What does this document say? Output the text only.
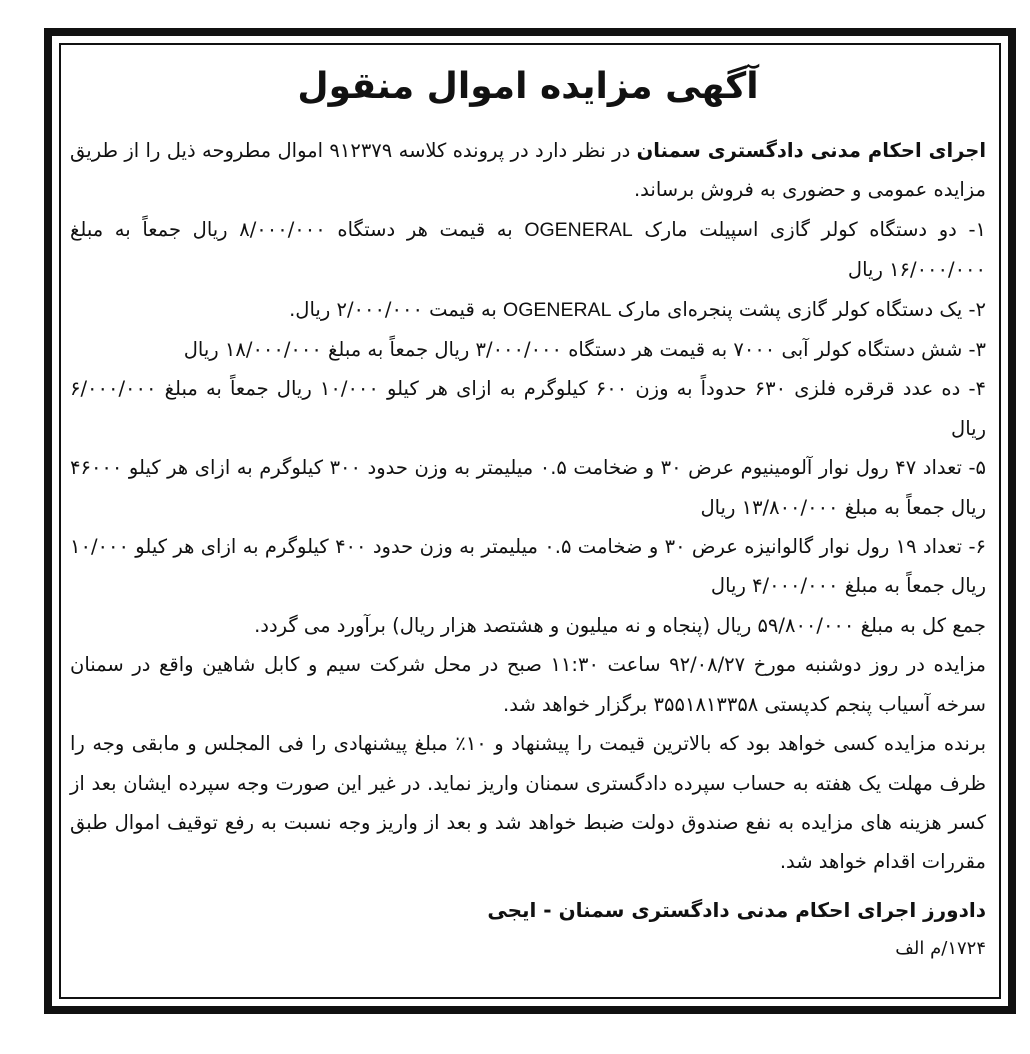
آگهی مزایده اموال منقول

اجرای احکام مدنی دادگستری سمنان در نظر دارد در پرونده کلاسه ۹۱۲۳۷۹ اموال مطروحه ذیل را از طریق مزایده عمومی و حضوری به فروش برساند.

۱- دو دستگاه کولر گازی اسپیلت مارک OGENERAL به قیمت هر دستگاه ۸/۰۰۰/۰۰۰ ریال جمعاً به مبلغ ۱۶/۰۰۰/۰۰۰ ریال

۲- یک دستگاه کولر گازی پشت پنجره‌ای مارک OGENERAL به قیمت ۲/۰۰۰/۰۰۰ ریال.

۳- شش دستگاه کولر آبی ۷۰۰۰ به قیمت هر دستگاه ۳/۰۰۰/۰۰۰ ریال جمعاً به مبلغ ۱۸/۰۰۰/۰۰۰ ریال

۴- ده عدد قرقره فلزی ۶۳۰ حدوداً به وزن ۶۰۰ کیلوگرم به ازای هر کیلو ۱۰/۰۰۰ ریال جمعاً به مبلغ ۶/۰۰۰/۰۰۰ ریال

۵- تعداد ۴۷ رول نوار آلومینیوم عرض ۳۰ و ضخامت ۰.۵ میلیمتر به وزن حدود ۳۰۰ کیلوگرم به ازای هر کیلو ۴۶۰۰۰ ریال جمعاً به مبلغ ۱۳/۸۰۰/۰۰۰ ریال

۶- تعداد ۱۹ رول نوار گالوانیزه عرض ۳۰ و ضخامت ۰.۵ میلیمتر به وزن حدود ۴۰۰ کیلوگرم به ازای هر کیلو ۱۰/۰۰۰ ریال جمعاً به مبلغ ۴/۰۰۰/۰۰۰ ریال

جمع کل به مبلغ ۵۹/۸۰۰/۰۰۰ ریال (پنجاه و نه میلیون و هشتصد هزار ریال) برآورد می گردد.

مزایده در روز دوشنبه مورخ ۹۲/۰۸/۲۷ ساعت ۱۱:۳۰ صبح در محل شرکت سیم و کابل شاهین واقع در سمنان سرخه آسیاب پنجم کدپستی ۳۵۵۱۸۱۳۳۵۸ برگزار خواهد شد.

برنده مزایده کسی خواهد بود که بالاترین قیمت را پیشنهاد و ۱۰٪ مبلغ پیشنهادی را فی المجلس و مابقی وجه را ظرف مهلت یک هفته به حساب سپرده دادگستری سمنان واریز نماید. در غیر این صورت وجه سپرده ایشان بعد از کسر هزینه های مزایده به نفع صندوق دولت ضبط خواهد شد و بعد از واریز وجه نسبت به رفع توقیف اموال طبق مقررات اقدام خواهد شد.

دادورز اجرای احکام مدنی دادگستری سمنان - ایجی
۱۷۲۴/م الف
